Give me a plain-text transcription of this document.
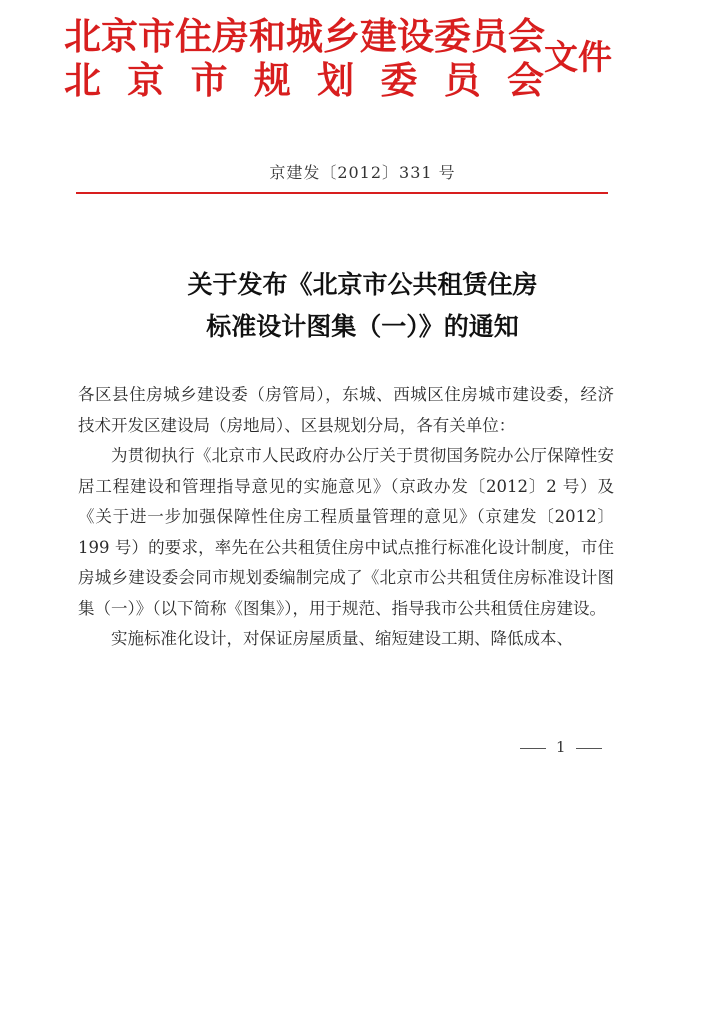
北 京 市 住 房 和 城 乡 建 设 委 员 会
北 京 市 规 划 委 员 会 文件
京建发〔2012〕331 号
关于发布《北京市公共租赁住房
标准设计图集（一）》的通知

各区县住房城乡建设委（房管局），东城、西城区住房城市建设委，经济技术开发区建设局（房地局）、区县规划分局，各有关单位：

为贯彻执行《北京市人民政府办公厅关于贯彻国务院办公厅保障性安居工程建设和管理指导意见的实施意见》（京政办发〔2012〕2 号）及《关于进一步加强保障性住房工程质量管理的意见》（京建发〔2012〕199 号）的要求，率先在公共租赁住房中试点推行标准化设计制度，市住房城乡建设委会同市规划委编制完成了《北京市公共租赁住房标准设计图集（一）》（以下简称《图集》），用于规范、指导我市公共租赁住房建设。

实施标准化设计，对保证房屋质量、缩短建设工期、降低成本、

1
